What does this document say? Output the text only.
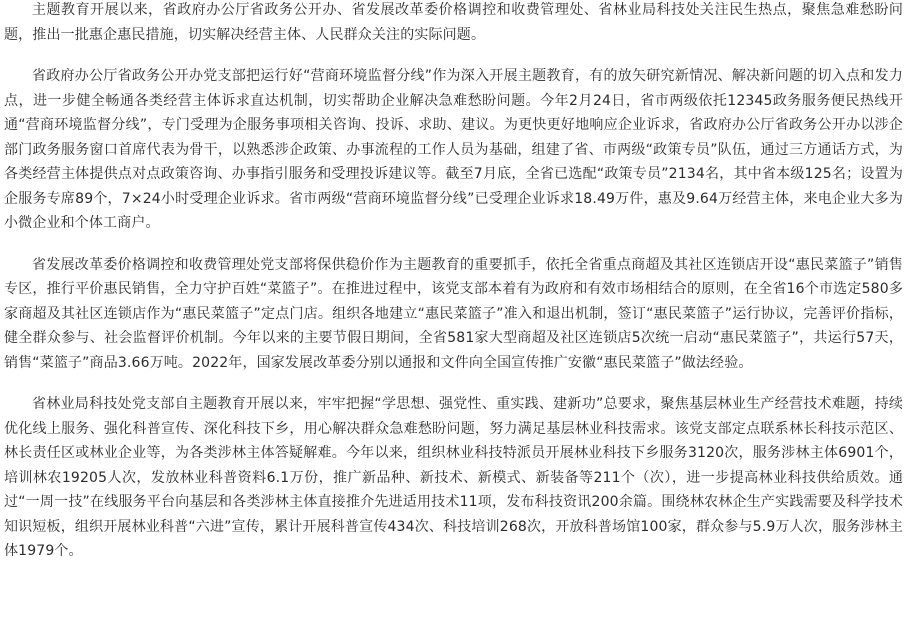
主题教育开展以来，省政府办公厅省政务公开办、省发展改革委价格调控和收费管理处、省林业局科技处关注民生热点，聚焦急难愁盼问题，推出一批惠企惠民措施，切实解决经营主体、人民群众关注的实际问题。

省政府办公厅省政务公开办党支部把运行好“营商环境监督分线”作为深入开展主题教育，有的放矢研究新情况、解决新问题的切入点和发力点，进一步健全畅通各类经营主体诉求直达机制，切实帮助企业解决急难愁盼问题。今年2月24日，省市两级依托12345政务服务便民热线开通“营商环境监督分线”，专门受理为企服务事项相关咨询、投诉、求助、建议。为更快更好地响应企业诉求，省政府办公厅省政务公开办以涉企部门政务服务窗口首席代表为骨干，以熟悉涉企政策、办事流程的工作人员为基础，组建了省、市两级“政策专员”队伍，通过三方通话方式，为各类经营主体提供点对点政策咨询、办事指引服务和受理投诉建议等。截至7月底，全省已选配“政策专员”2134名，其中省本级125名；设置为企服务专席89个，7×24小时受理企业诉求。省市两级“营商环境监督分线”已受理企业诉求18.49万件，惠及9.64万经营主体，来电企业大多为小微企业和个体工商户。

省发展改革委价格调控和收费管理处党支部将保供稳价作为主题教育的重要抓手，依托全省重点商超及其社区连锁店开设“惠民菜篮子”销售专区，推行平价惠民销售，全力守护百姓“菜篮子”。在推进过程中，该党支部本着有为政府和有效市场相结合的原则，在全省16个市选定580多家商超及其社区连锁店作为“惠民菜篮子”定点门店。组织各地建立“惠民菜篮子”准入和退出机制，签订“惠民菜篮子”运行协议，完善评价指标，健全群众参与、社会监督评价机制。今年以来的主要节假日期间，全省581家大型商超及社区连锁店5次统一启动“惠民菜篮子”，共运行57天，销售“菜篮子”商品3.66万吨。2022年，国家发展改革委分别以通报和文件向全国宣传推广安徽“惠民菜篮子”做法经验。

省林业局科技处党支部自主题教育开展以来，牢牢把握“学思想、强党性、重实践、建新功”总要求，聚焦基层林业生产经营技术难题，持续优化线上服务、强化科普宣传、深化科技下乡，用心解决群众急难愁盼问题，努力满足基层林业科技需求。该党支部定点联系林长科技示范区、林长责任区或林业企业等，为各类涉林主体答疑解难。今年以来，组织林业科技特派员开展林业科技下乡服务3120次，服务涉林主体6901个，培训林农19205人次，发放林业科普资料6.1万份，推广新品种、新技术、新模式、新装备等211个（次），进一步提高林业科技供给质效。通过“一周一技”在线服务平台向基层和各类涉林主体直接推介先进适用技术11项，发布科技资讯200余篇。围绕林农林企生产实践需要及科学技术知识短板，组织开展林业科普“六进”宣传，累计开展科普宣传434次、科技培训268次，开放科普场馆100家，群众参与5.9万人次，服务涉林主体1979个。
